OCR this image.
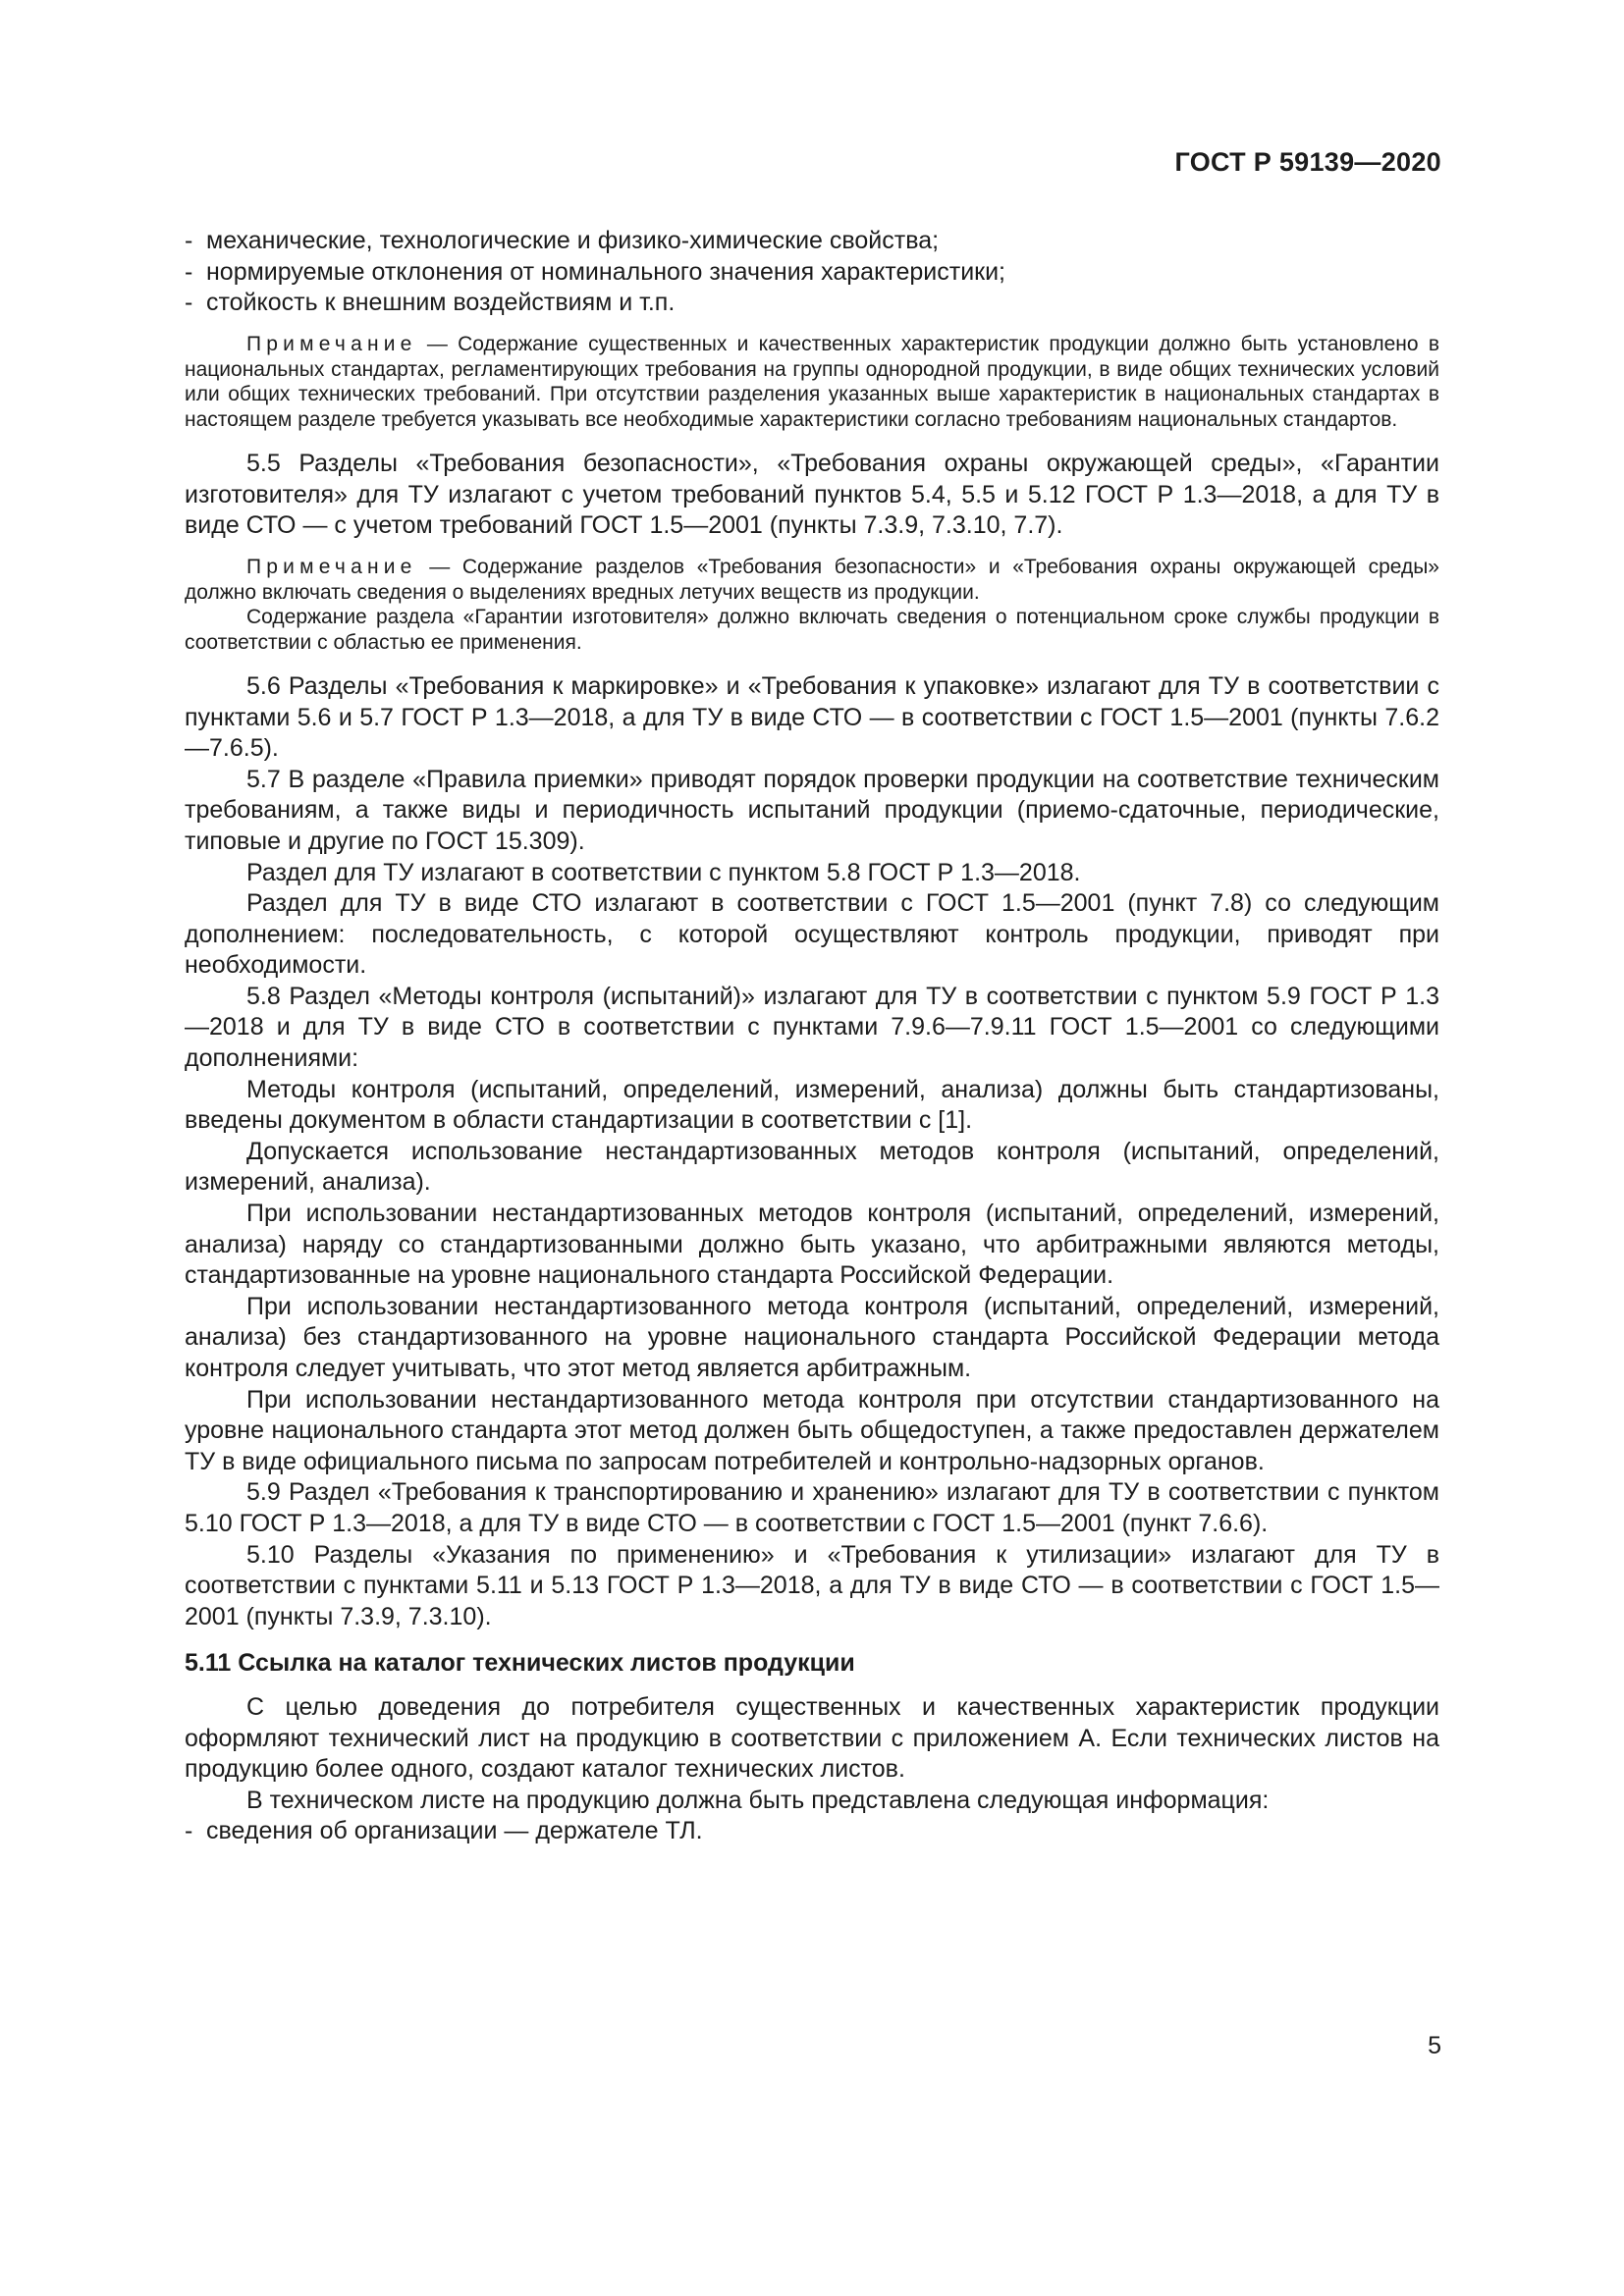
ГОСТ Р 59139—2020
- механические, технологические и физико-химические свойства;
- нормируемые отклонения от номинального значения характеристики;
- стойкость к внешним воздействиям и т.п.

Примечание — Содержание существенных и качественных характеристик продукции должно быть установлено в национальных стандартах, регламентирующих требования на группы однородной продукции, в виде общих технических условий или общих технических требований. При отсутствии разделения указанных выше характеристик в национальных стандартах в настоящем разделе требуется указывать все необходимые характеристики согласно требованиям национальных стандартов.

5.5 Разделы «Требования безопасности», «Требования охраны окружающей среды», «Гарантии изготовителя» для ТУ излагают с учетом требований пунктов 5.4, 5.5 и 5.12 ГОСТ Р 1.3—2018, а для ТУ в виде СТО — с учетом требований ГОСТ 1.5—2001 (пункты 7.3.9, 7.3.10, 7.7).

Примечание — Содержание разделов «Требования безопасности» и «Требования охраны окружающей среды» должно включать сведения о выделениях вредных летучих веществ из продукции.

Содержание раздела «Гарантии изготовителя» должно включать сведения о потенциальном сроке службы продукции в соответствии с областью ее применения.

5.6 Разделы «Требования к маркировке» и «Требования к упаковке» излагают для ТУ в соответствии с пунктами 5.6 и 5.7 ГОСТ Р 1.3—2018, а для ТУ в виде СТО — в соответствии с ГОСТ 1.5—2001 (пункты 7.6.2—7.6.5).

5.7 В разделе «Правила приемки» приводят порядок проверки продукции на соответствие техническим требованиям, а также виды и периодичность испытаний продукции (приемо-сдаточные, периодические, типовые и другие по ГОСТ 15.309).

Раздел для ТУ излагают в соответствии с пунктом 5.8 ГОСТ Р 1.3—2018.

Раздел для ТУ в виде СТО излагают в соответствии с ГОСТ 1.5—2001 (пункт 7.8) со следующим дополнением: последовательность, с которой осуществляют контроль продукции, приводят при необходимости.

5.8 Раздел «Методы контроля (испытаний)» излагают для ТУ в соответствии с пунктом 5.9 ГОСТ Р 1.3—2018 и для ТУ в виде СТО в соответствии с пунктами 7.9.6—7.9.11 ГОСТ 1.5—2001 со следующими дополнениями:

Методы контроля (испытаний, определений, измерений, анализа) должны быть стандартизованы, введены документом в области стандартизации в соответствии с [1].

Допускается использование нестандартизованных методов контроля (испытаний, определений, измерений, анализа).

При использовании нестандартизованных методов контроля (испытаний, определений, измерений, анализа) наряду со стандартизованными должно быть указано, что арбитражными являются методы, стандартизованные на уровне национального стандарта Российской Федерации.

При использовании нестандартизованного метода контроля (испытаний, определений, измерений, анализа) без стандартизованного на уровне национального стандарта Российской Федерации метода контроля следует учитывать, что этот метод является арбитражным.

При использовании нестандартизованного метода контроля при отсутствии стандартизованного на уровне национального стандарта этот метод должен быть общедоступен, а также предоставлен держателем ТУ в виде официального письма по запросам потребителей и контрольно-надзорных органов.

5.9 Раздел «Требования к транспортированию и хранению» излагают для ТУ в соответствии с пунктом 5.10 ГОСТ Р 1.3—2018, а для ТУ в виде СТО — в соответствии с ГОСТ 1.5—2001 (пункт 7.6.6).

5.10 Разделы «Указания по применению» и «Требования к утилизации» излагают для ТУ в соответствии с пунктами 5.11 и 5.13 ГОСТ Р 1.3—2018, а для ТУ в виде СТО — в соответствии с ГОСТ 1.5—2001 (пункты 7.3.9, 7.3.10).

5.11 Ссылка на каталог технических листов продукции

С целью доведения до потребителя существенных и качественных характеристик продукции оформляют технический лист на продукцию в соответствии с приложением А. Если технических листов на продукцию более одного, создают каталог технических листов.

В техническом листе на продукцию должна быть представлена следующая информация:

- сведения об организации — держателе ТЛ.
5
